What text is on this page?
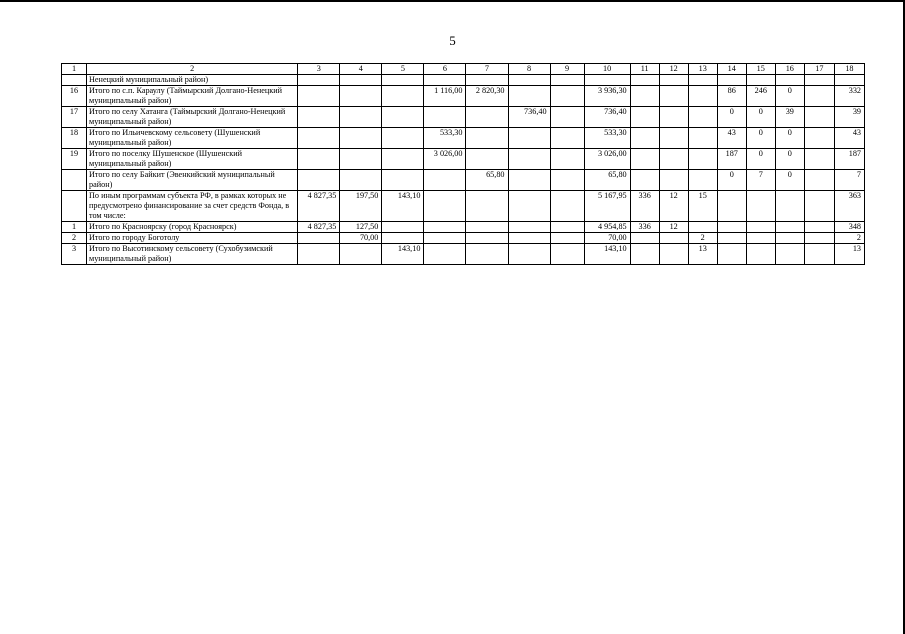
5
1	2	3	4	5	6	7	8	9	10	11	12	13	14	15	16	17	18
	Ненецкий муниципальный район)																
16	Итого по с.п. Караулу (Таймырский Долгано-Ненецкий муниципальный район)				1 116,00	2 820,30			3 936,30				86	246	0		332
17	Итого по селу Хатанга (Таймырский Долгано-Ненецкий муниципальный район)						736,40		736,40				0	0	39		39
18	Итого по Ильичевскому сельсовету (Шушенский муниципальный район)				533,30				533,30				43	0	0		43
19	Итого по поселку Шушенское (Шушенский муниципальный район)				3 026,00				3 026,00				187	0	0		187
	Итого по селу Байкит (Эвенкийский муниципальный район)					65,80			65,80				0	7	0		7
	По иным программам субъекта РФ, в рамках которых не предусмотрено финансирование за счет средств Фонда, в том числе:	4 827,35	197,50	143,10					5 167,95	336	12	15					363
1	Итого по Красноярску (город Красноярск)	4 827,35	127,50						4 954,85	336	12						348
2	Итого по городу Боготолу		70,00						70,00			2					2
3	Итого по Высотинскому сельсовету (Сухобузимский муниципальный район)			143,10					143,10			13					13
